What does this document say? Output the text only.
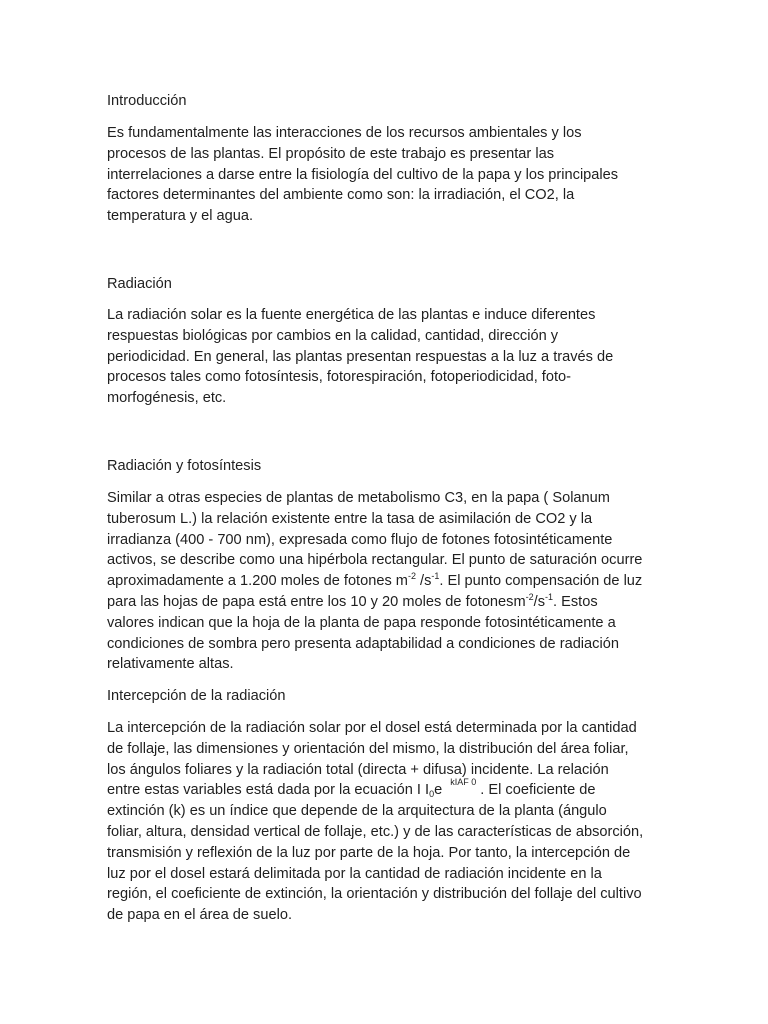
Introducción

Es fundamentalmente las interacciones de los recursos ambientales y los
procesos de las plantas. El propósito de este trabajo es presentar las
interrelaciones a darse entre la fisiología del cultivo de la papa y los principales
factores determinantes del ambiente como son: la irradiación, el CO2, la
temperatura y el agua.

Radiación

La radiación solar es la fuente energética de las plantas e induce diferentes
respuestas biológicas por cambios en la calidad, cantidad, dirección y
periodicidad. En general, las plantas presentan respuestas a la luz a través de
procesos tales como fotosíntesis, fotorespiración, fotoperiodicidad, foto-
morfogénesis, etc.

Radiación y fotosíntesis

Similar a otras especies de plantas de metabolismo C3, en la papa ( Solanum
tuberosum L.) la relación existente entre la tasa de asimilación de CO2 y la
irradianza (400 - 700 nm), expresada como flujo de fotones fotosintéticamente
activos, se describe como una hipérbola rectangular. El punto de saturación ocurre
aproximadamente a 1.200 moles de fotones $m^{-2}$ $/s^{-1}$. El punto compensación de luz
para las hojas de papa está entre los 10 y 20 moles de $fotonesm^{-2}/s^{-1}$. Estos
valores indican que la hoja de la planta de papa responde fotosintéticamente a
condiciones de sombra pero presenta adaptabilidad a condiciones de radiación
relativamente altas.

Intercepción de la radiación

La intercepción de la radiación solar por el dosel está determinada por la cantidad
de follaje, las dimensiones y orientación del mismo, la distribución del área foliar,
los ángulos foliares y la radiación total (directa + difusa) incidente. La relación
entre estas variables está dada por la ecuación I $I_0e$ $^{kIAF 0}$ . El coeficiente de
extinción (k) es un índice que depende de la arquitectura de la planta (ángulo
foliar, altura, densidad vertical de follaje, etc.) y de las características de absorción,
transmisión y reflexión de la luz por parte de la hoja. Por tanto, la intercepción de
luz por el dosel estará delimitada por la cantidad de radiación incidente en la
región, el coeficiente de extinción, la orientación y distribución del follaje del cultivo
de papa en el área de suelo.
